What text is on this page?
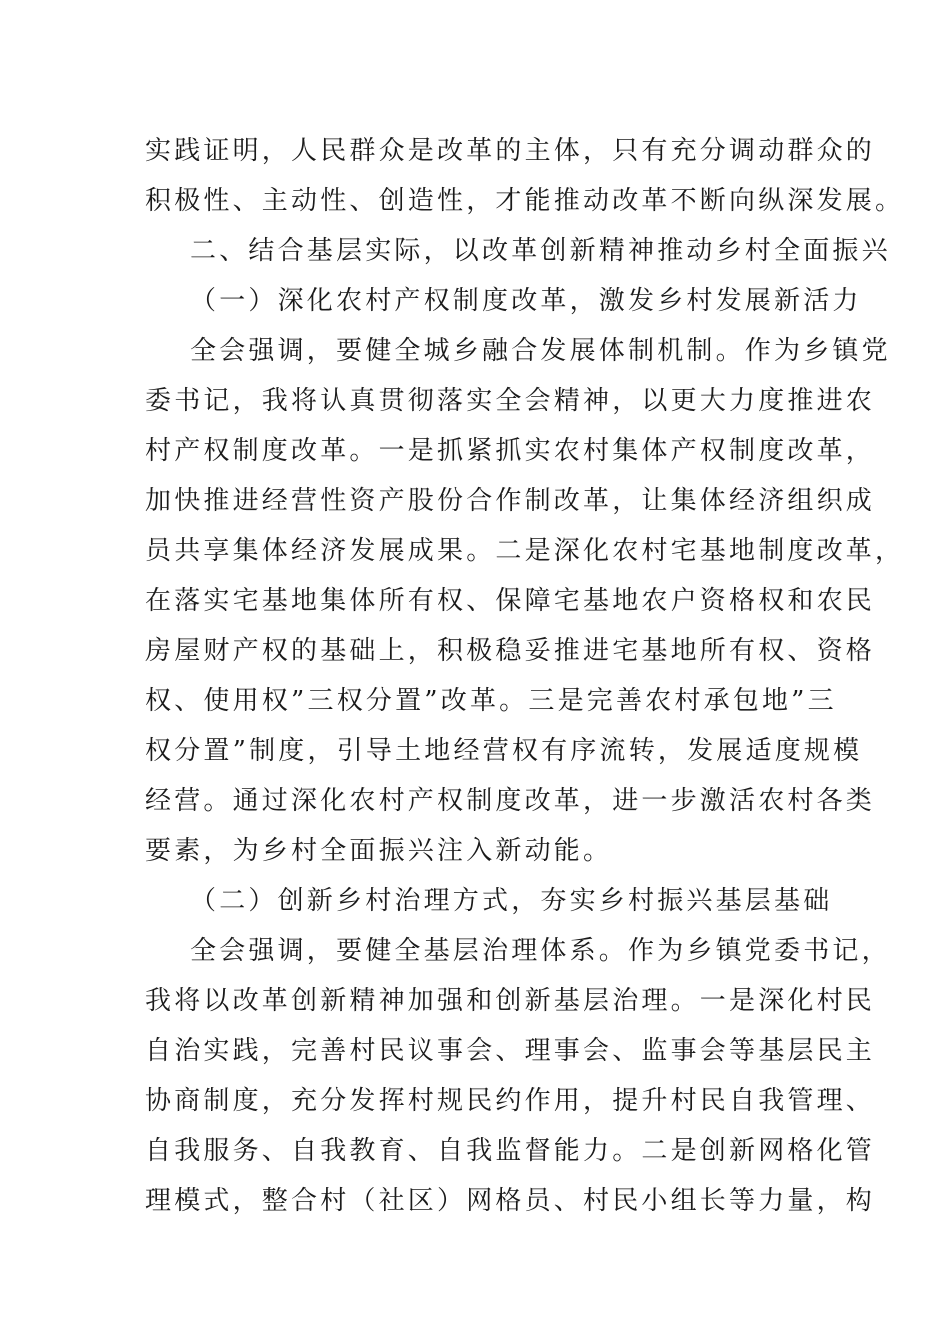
实践证明，人民群众是改革的主体，只有充分调动群众的
积极性、主动性、创造性，才能推动改革不断向纵深发展。
二、结合基层实际，以改革创新精神推动乡村全面振兴
（一）深化农村产权制度改革，激发乡村发展新活力
全会强调，要健全城乡融合发展体制机制。作为乡镇党
委书记，我将认真贯彻落实全会精神，以更大力度推进农
村产权制度改革。一是抓紧抓实农村集体产权制度改革，
加快推进经营性资产股份合作制改革，让集体经济组织成
员共享集体经济发展成果。二是深化农村宅基地制度改革，
在落实宅基地集体所有权、保障宅基地农户资格权和农民
房屋财产权的基础上，积极稳妥推进宅基地所有权、资格
权、使用权”三权分置”改革。三是完善农村承包地”三
权分置”制度，引导土地经营权有序流转，发展适度规模
经营。通过深化农村产权制度改革，进一步激活农村各类
要素，为乡村全面振兴注入新动能。
（二）创新乡村治理方式，夯实乡村振兴基层基础
全会强调，要健全基层治理体系。作为乡镇党委书记，
我将以改革创新精神加强和创新基层治理。一是深化村民
自治实践，完善村民议事会、理事会、监事会等基层民主
协商制度，充分发挥村规民约作用，提升村民自我管理、
自我服务、自我教育、自我监督能力。二是创新网格化管
理模式，整合村（社区）网格员、村民小组长等力量，构
